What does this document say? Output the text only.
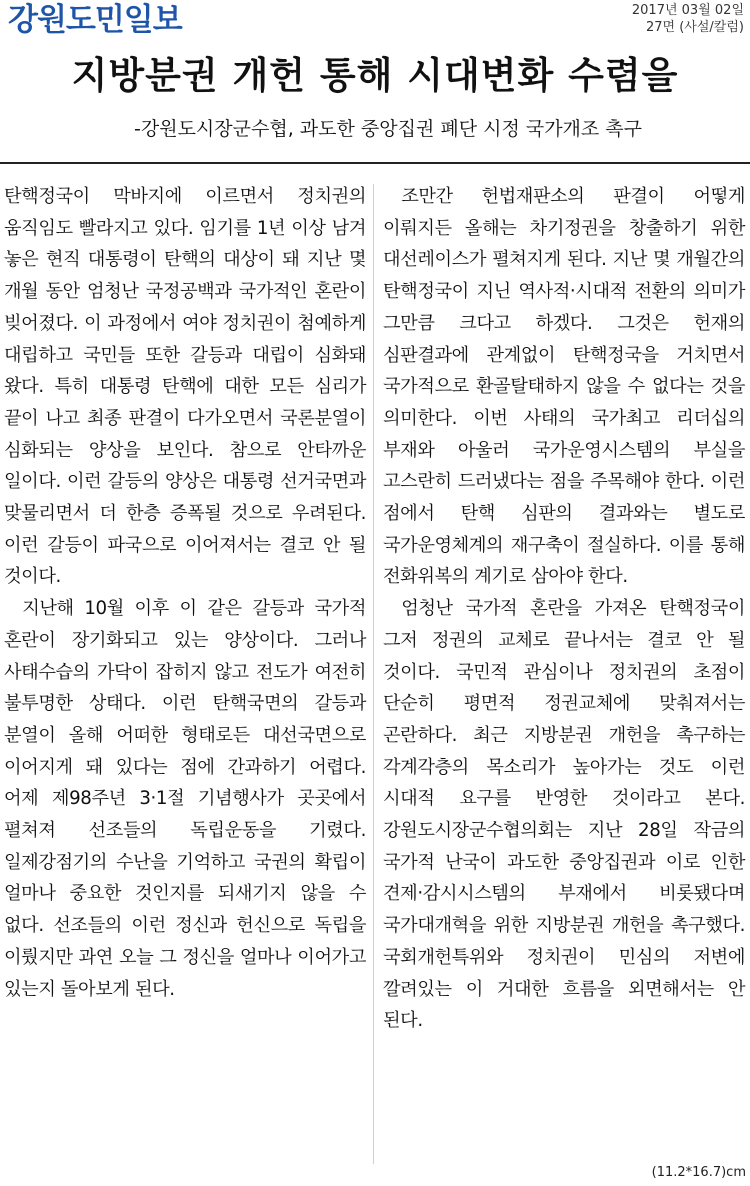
강원도민일보	2017년 03월 02일
27면 (사설/칼럼)
지방분권 개헌 통해 시대변화 수렴을
-강원도시장군수협, 과도한 중앙집권 폐단 시정 국가개조 촉구

탄핵정국이 막바지에 이르면서 정치권의 움직임도 빨라지고 있다. 임기를 1년 이상 남겨 놓은 현직 대통령이 탄핵의 대상이 돼 지난 몇 개월 동안 엄청난 국정공백과 국가적인 혼란이 빚어졌다. 이 과정에서 여야 정치권이 첨예하게 대립하고 국민들 또한 갈등과 대립이 심화돼 왔다. 특히 대통령 탄핵에 대한 모든 심리가 끝이 나고 최종 판결이 다가오면서 국론분열이 심화되는 양상을 보인다. 참으로 안타까운 일이다. 이런 갈등의 양상은 대통령 선거국면과 맞물리면서 더 한층 증폭될 것으로 우려된다. 이런 갈등이 파국으로 이어져서는 결코 안 될 것이다.

지난해 10월 이후 이 같은 갈등과 국가적 혼란이 장기화되고 있는 양상이다. 그러나 사태수습의 가닥이 잡히지 않고 전도가 여전히 불투명한 상태다. 이런 탄핵국면의 갈등과 분열이 올해 어떠한 형태로든 대선국면으로 이어지게 돼 있다는 점에 간과하기 어렵다. 어제 제98주년 3·1절 기념행사가 곳곳에서 펼쳐져 선조들의 독립운동을 기렸다. 일제강점기의 수난을 기억하고 국권의 확립이 얼마나 중요한 것인지를 되새기지 않을 수 없다. 선조들의 이런 정신과 헌신으로 독립을 이뤘지만 과연 오늘 그 정신을 얼마나 이어가고 있는지 돌아보게 된다.

조만간 헌법재판소의 판결이 어떻게 이뤄지든 올해는 차기정권을 창출하기 위한 대선레이스가 펼쳐지게 된다. 지난 몇 개월간의 탄핵정국이 지닌 역사적·시대적 전환의 의미가 그만큼 크다고 하겠다. 그것은 헌재의 심판결과에 관계없이 탄핵정국을 거치면서 국가적으로 환골탈태하지 않을 수 없다는 것을 의미한다. 이번 사태의 국가최고 리더십의 부재와 아울러 국가운영시스템의 부실을 고스란히 드러냈다는 점을 주목해야 한다. 이런 점에서 탄핵 심판의 결과와는 별도로 국가운영체계의 재구축이 절실하다. 이를 통해 전화위복의 계기로 삼아야 한다.

엄청난 국가적 혼란을 가져온 탄핵정국이 그저 정권의 교체로 끝나서는 결코 안 될 것이다. 국민적 관심이나 정치권의 초점이 단순히 평면적 정권교체에 맞춰져서는 곤란하다. 최근 지방분권 개헌을 촉구하는 각계각층의 목소리가 높아가는 것도 이런 시대적 요구를 반영한 것이라고 본다. 강원도시장군수협의회는 지난 28일 작금의 국가적 난국이 과도한 중앙집권과 이로 인한 견제·감시시스템의 부재에서 비롯됐다며 국가대개혁을 위한 지방분권 개헌을 촉구했다. 국회개헌특위와 정치권이 민심의 저변에 깔려있는 이 거대한 흐름을 외면해서는 안 된다.

(11.2*16.7)cm
